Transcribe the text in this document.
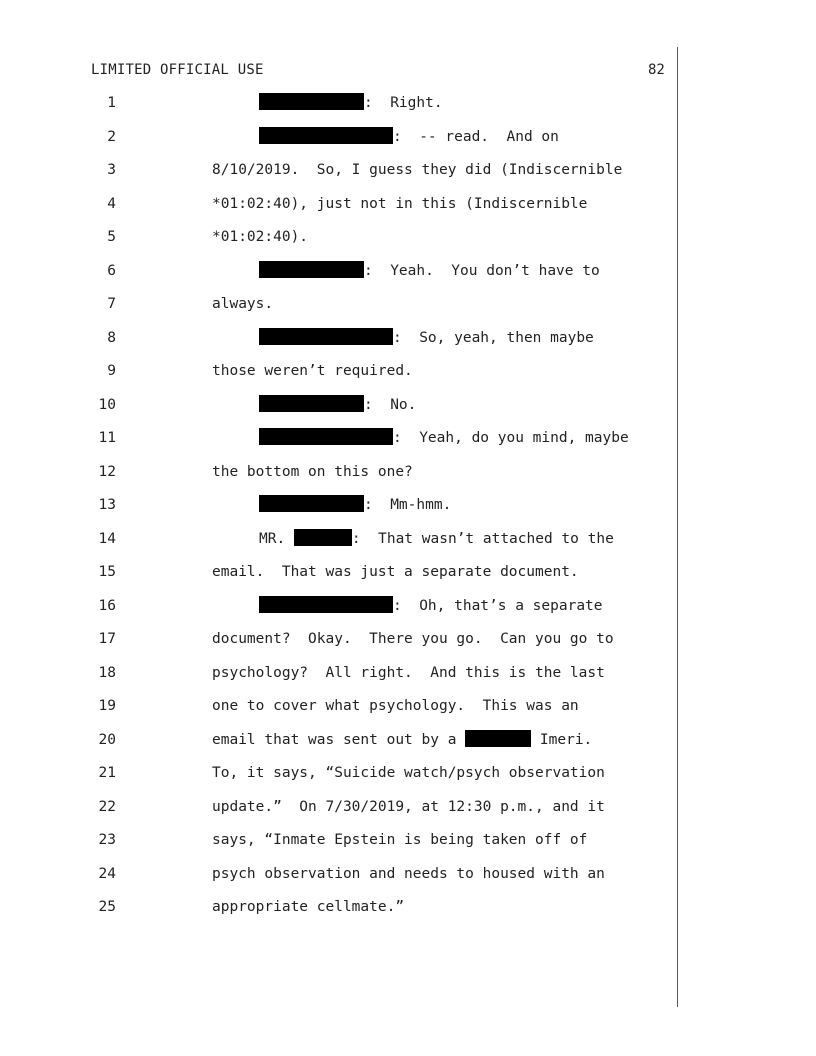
LIMITED OFFICIAL USE	82
1	:  Right.
2	:  -- read.  And on
3	8/10/2019.  So, I guess they did (Indiscernible
4	*01:02:40), just not in this (Indiscernible
5	*01:02:40).
6	:  Yeah.  You don’t have to
7	always.
8	:  So, yeah, then maybe
9	those weren’t required.
10	:  No.
11	:  Yeah, do you mind, maybe
12	the bottom on this one?
13	:  Mm-hmm.
14	MR.	:  That wasn’t attached to the
15	email.  That was just a separate document.
16	:  Oh, that’s a separate
17	document?  Okay.  There you go.  Can you go to
18	psychology?  All right.  And this is the last
19	one to cover what psychology.  This was an
20	email that was sent out by a	Imeri.
21	To, it says, “Suicide watch/psych observation
22	update.”  On 7/30/2019, at 12:30 p.m., and it
23	says, “Inmate Epstein is being taken off of
24	psych observation and needs to housed with an
25	appropriate cellmate.”
